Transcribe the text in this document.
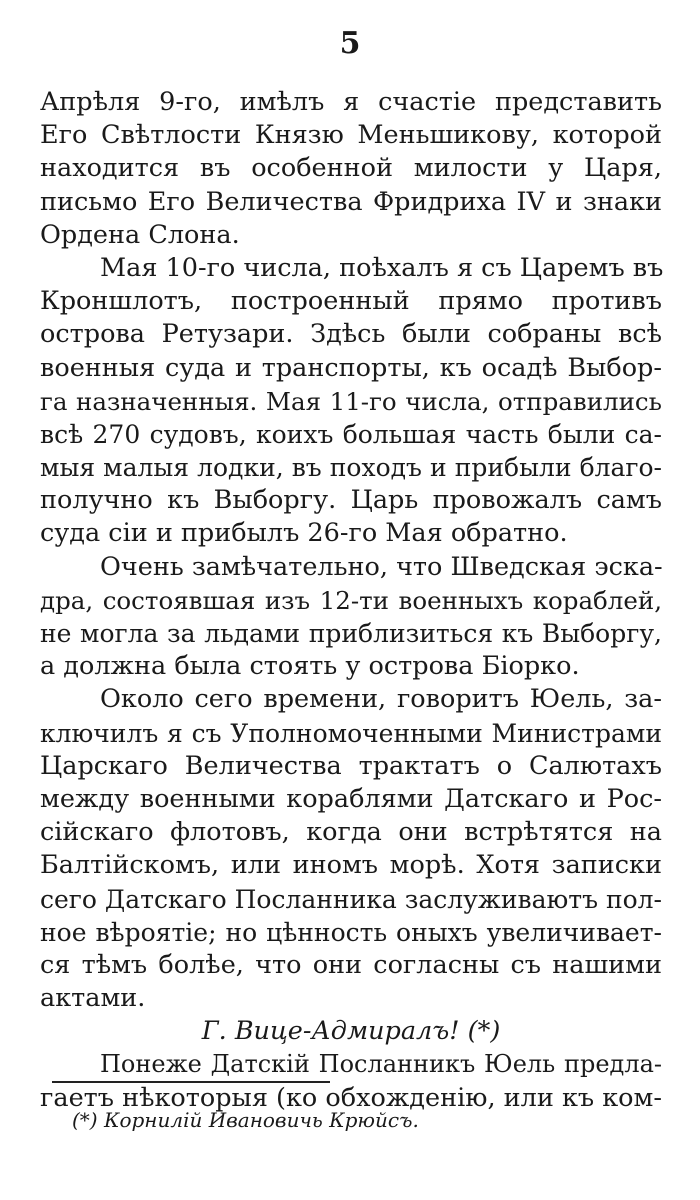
5
Апрѣля 9-го, имѣлъ я счастіе представить
Его Свѣтлости Князю Меньшикову, которой
находится въ особенной милости у Царя,
письмо Его Величества Фридриха IV и знаки
Ордена Слона.
Мая 10-го числа, поѣхалъ я съ Царемъ въ
Кроншлотъ, построенный прямо противъ
острова Ретузари. Здѣсь были собраны всѣ
военныя суда и транспорты, къ осадѣ Выбор-
га назначенныя. Мая 11-го числа, отправились
всѣ 270 судовъ, коихъ большая часть были са-
мыя малыя лодки, въ походъ и прибыли благо-
получно къ Выборгу. Царь провожалъ самъ
суда сіи и прибылъ 26-го Мая обратно.
Очень замѣчательно, что Шведская эска-
дра, состоявшая изъ 12-ти военныхъ кораблей,
не могла за льдами приблизиться къ Выборгу,
а должна была стоять у острова Біорко.
Около сего времени, говоритъ Юель, за-
ключилъ я съ Уполномоченными Министрами
Царскаго Величества трактатъ о Салютахъ
между военными кораблями Датскаго и Рос-
сійскаго флотовъ, когда они встрѣтятся на
Балтійскомъ, или иномъ морѣ. Хотя записки
сего Датскаго Посланника заслуживаютъ пол-
ное вѣроятіе; но цѣнность оныхъ увеличивает-
ся тѣмъ болѣе, что они согласны съ нашими
актами.
Г. Вице-Адмиралъ! (*)
Понеже Датскій Посланникъ Юель предла-
гаетъ нѣкоторыя (ко обхожденію, или къ ком-
(*) Корнилій Ивановичь Крюйсъ.
